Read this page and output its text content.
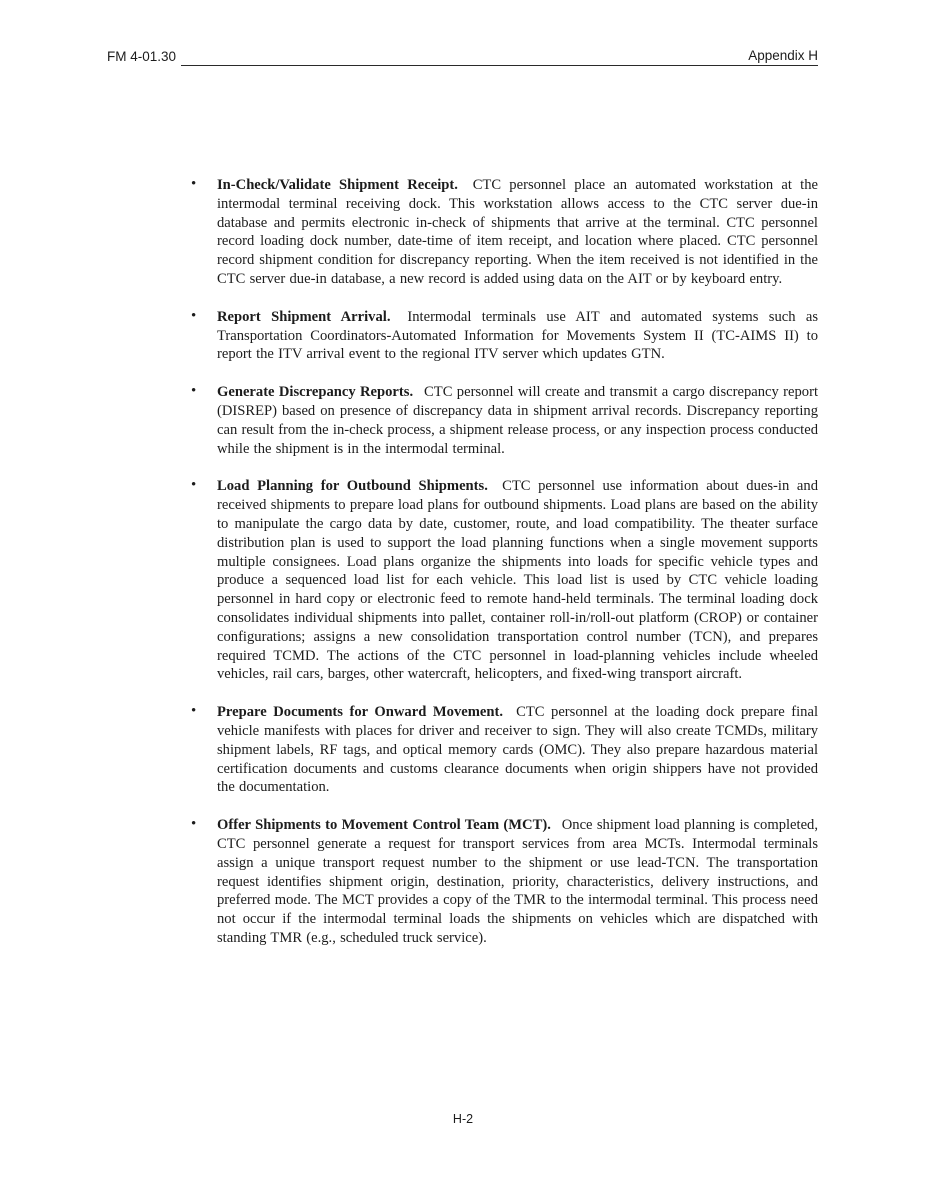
FM 4-01.30	Appendix H
• In-Check/Validate Shipment Receipt. CTC personnel place an automated workstation at the intermodal terminal receiving dock. This workstation allows access to the CTC server due-in database and permits electronic in-check of shipments that arrive at the terminal. CTC personnel record loading dock number, date-time of item receipt, and location where placed. CTC personnel record shipment condition for discrepancy reporting. When the item received is not identified in the CTC server due-in database, a new record is added using data on the AIT or by keyboard entry.

• Report Shipment Arrival. Intermodal terminals use AIT and automated systems such as Transportation Coordinators-Automated Information for Movements System II (TC-AIMS II) to report the ITV arrival event to the regional ITV server which updates GTN.

• Generate Discrepancy Reports. CTC personnel will create and transmit a cargo discrepancy report (DISREP) based on presence of discrepancy data in shipment arrival records. Discrepancy reporting can result from the in-check process, a shipment release process, or any inspection process conducted while the shipment is in the intermodal terminal.

• Load Planning for Outbound Shipments. CTC personnel use information about dues-in and received shipments to prepare load plans for outbound shipments. Load plans are based on the ability to manipulate the cargo data by date, customer, route, and load compatibility. The theater surface distribution plan is used to support the load planning functions when a single movement supports multiple consignees. Load plans organize the shipments into loads for specific vehicle types and produce a sequenced load list for each vehicle. This load list is used by CTC vehicle loading personnel in hard copy or electronic feed to remote hand-held terminals. The terminal loading dock consolidates individual shipments into pallet, container roll-in/roll-out platform (CROP) or container configurations; assigns a new consolidation transportation control number (TCN), and prepares required TCMD. The actions of the CTC personnel in load-planning vehicles include wheeled vehicles, rail cars, barges, other watercraft, helicopters, and fixed-wing transport aircraft.

• Prepare Documents for Onward Movement. CTC personnel at the loading dock prepare final vehicle manifests with places for driver and receiver to sign. They will also create TCMDs, military shipment labels, RF tags, and optical memory cards (OMC). They also prepare hazardous material certification documents and customs clearance documents when origin shippers have not provided the documentation.

• Offer Shipments to Movement Control Team (MCT). Once shipment load planning is completed, CTC personnel generate a request for transport services from area MCTs. Intermodal terminals assign a unique transport request number to the shipment or use lead-TCN. The transportation request identifies shipment origin, destination, priority, characteristics, delivery instructions, and preferred mode. The MCT provides a copy of the TMR to the intermodal terminal. This process need not occur if the intermodal terminal loads the shipments on vehicles which are dispatched with standing TMR (e.g., scheduled truck service).

H-2
